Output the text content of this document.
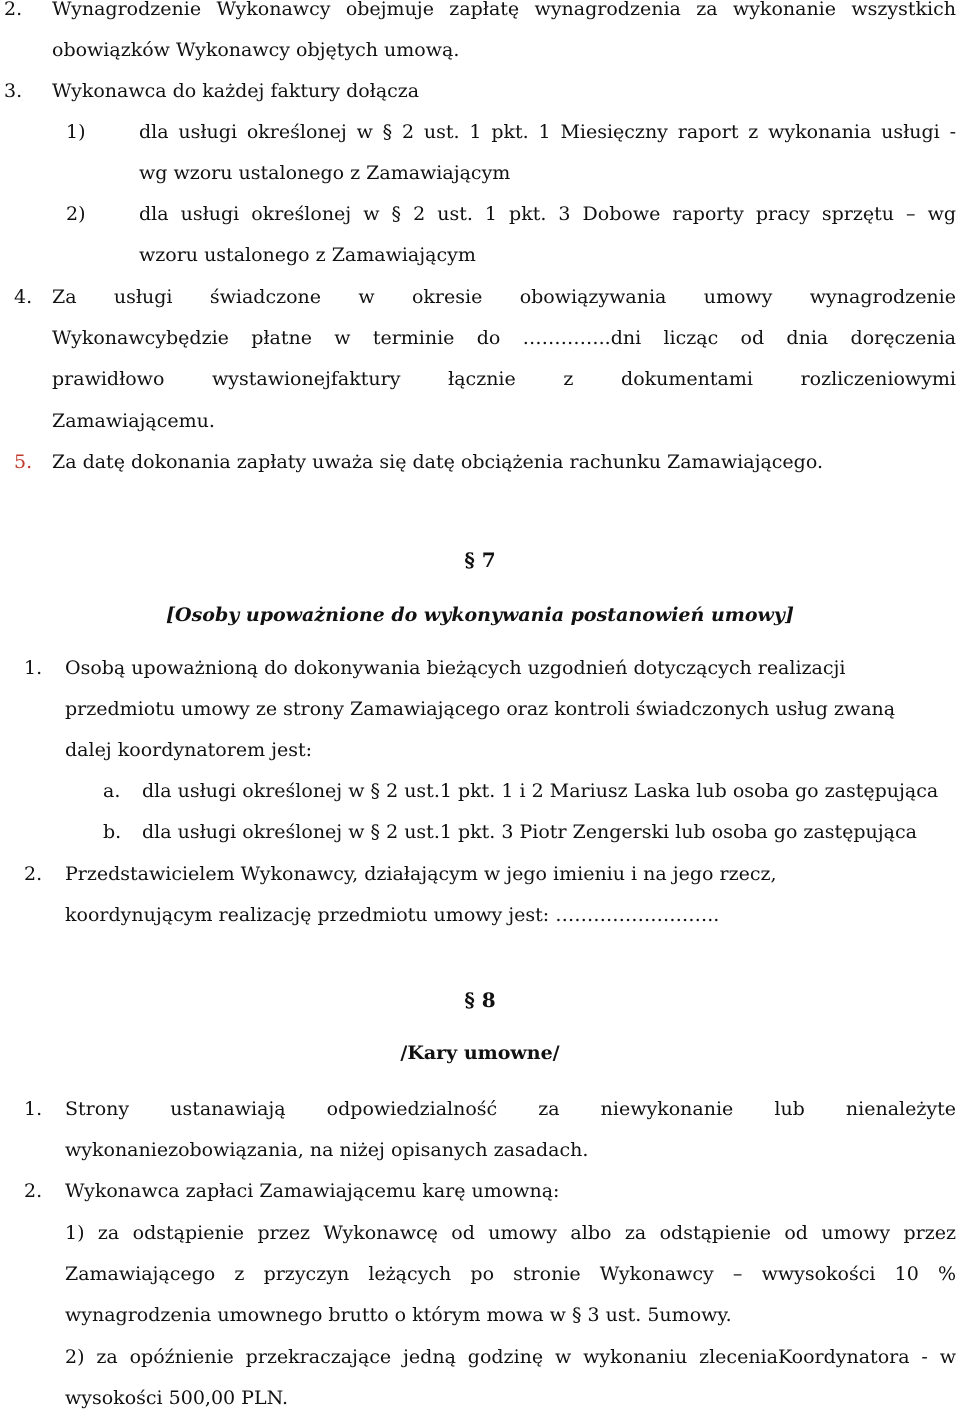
2. Wynagrodzenie Wykonawcy obejmuje zapłatę wynagrodzenia za wykonanie wszystkich
obowiązków Wykonawcy objętych umową.
3. Wykonawca do każdej faktury dołącza
1)	dla usługi określonej w § 2 ust. 1 pkt. 1 Miesięczny raport z wykonania usługi -
wg wzoru ustalonego z Zamawiającym
2)	dla usługi określonej w § 2 ust. 1 pkt. 3 Dobowe raporty pracy sprzętu – wg
wzoru ustalonego z Zamawiającym
4. Za usługi świadczone w okresie obowiązywania umowy wynagrodzenie
Wykonawcybędzie płatne w terminie do …………..dni licząc od dnia doręczenia
prawidłowo wystawionejfaktury łącznie z dokumentami rozliczeniowymi
Zamawiającemu.
5. Za datę dokonania zapłaty uważa się datę obciążenia rachunku Zamawiającego.
§ 7
[Osoby upoważnione do wykonywania postanowień umowy]
1. Osobą upoważnioną do dokonywania bieżących uzgodnień dotyczących realizacji
przedmiotu umowy ze strony Zamawiającego oraz kontroli świadczonych usług zwaną
dalej koordynatorem jest:
a. dla usługi określonej w § 2 ust.1 pkt. 1 i 2 Mariusz Laska lub osoba go zastępująca
b. dla usługi określonej w § 2 ust.1 pkt. 3 Piotr Zengerski lub osoba go zastępująca
2. Przedstawicielem Wykonawcy, działającym w jego imieniu i na jego rzecz,
koordynującym realizację przedmiotu umowy jest: ……………………..
§ 8
/Kary umowne/
1. Strony ustanawiają odpowiedzialność za niewykonanie lub nienależyte
wykonaniezobowiązania, na niżej opisanych zasadach.
2. Wykonawca zapłaci Zamawiającemu karę umowną:
1) za odstąpienie przez Wykonawcę od umowy albo za odstąpienie od umowy przez
Zamawiającego z przyczyn leżących po stronie Wykonawcy – wwysokości 10 %
wynagrodzenia umownego brutto o którym mowa w § 3 ust. 5umowy.
2) za opóźnienie przekraczające jedną godzinę w wykonaniu zleceniaKoordynatora - w
wysokości 500,00 PLN.
